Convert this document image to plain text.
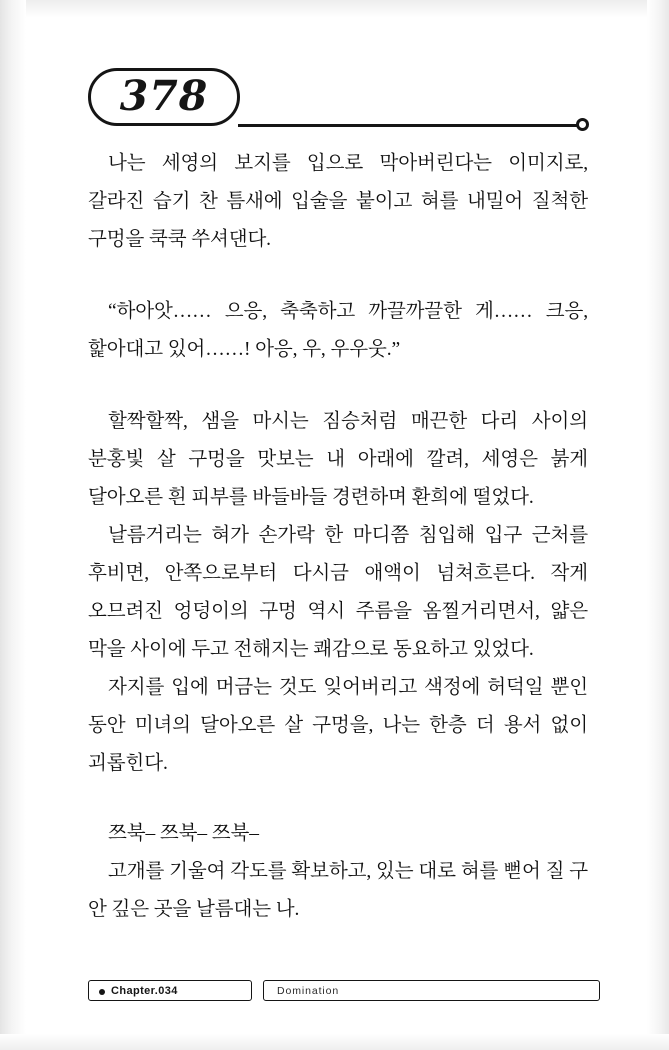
378

나는 세영의 보지를 입으로 막아버린다는 이미지로, 갈라진 습기 찬 틈새에 입술을 붙이고 혀를 내밀어 질척한 구멍을 쿡쿡 쑤셔댄다.

“하아앗…… 으응, 축축하고 까끌까끌한 게…… 크응, 핥아대고 있어……! 아응, 우, 우우웃.”

할짝할짝, 샘을 마시는 짐승처럼 매끈한 다리 사이의 분홍빛 살 구멍을 맛보는 내 아래에 깔려, 세영은 붉게 달아오른 흰 피부를 바들바들 경련하며 환희에 떨었다.

날름거리는 혀가 손가락 한 마디쯤 침입해 입구 근처를 후비면, 안쪽으로부터 다시금 애액이 넘쳐흐른다. 작게 오므려진 엉덩이의 구멍 역시 주름을 옴찔거리면서, 얇은 막을 사이에 두고 전해지는 쾌감으로 동요하고 있었다.

자지를 입에 머금는 것도 잊어버리고 색정에 허덕일 뿐인 동안 미녀의 달아오른 살 구멍을, 나는 한층 더 용서 없이 괴롭힌다.

쯔북– 쯔북– 쯔북–

고개를 기울여 각도를 확보하고, 있는 대로 혀를 뻗어 질 구 안 깊은 곳을 날름대는 나.

Chapter.034	Domination
